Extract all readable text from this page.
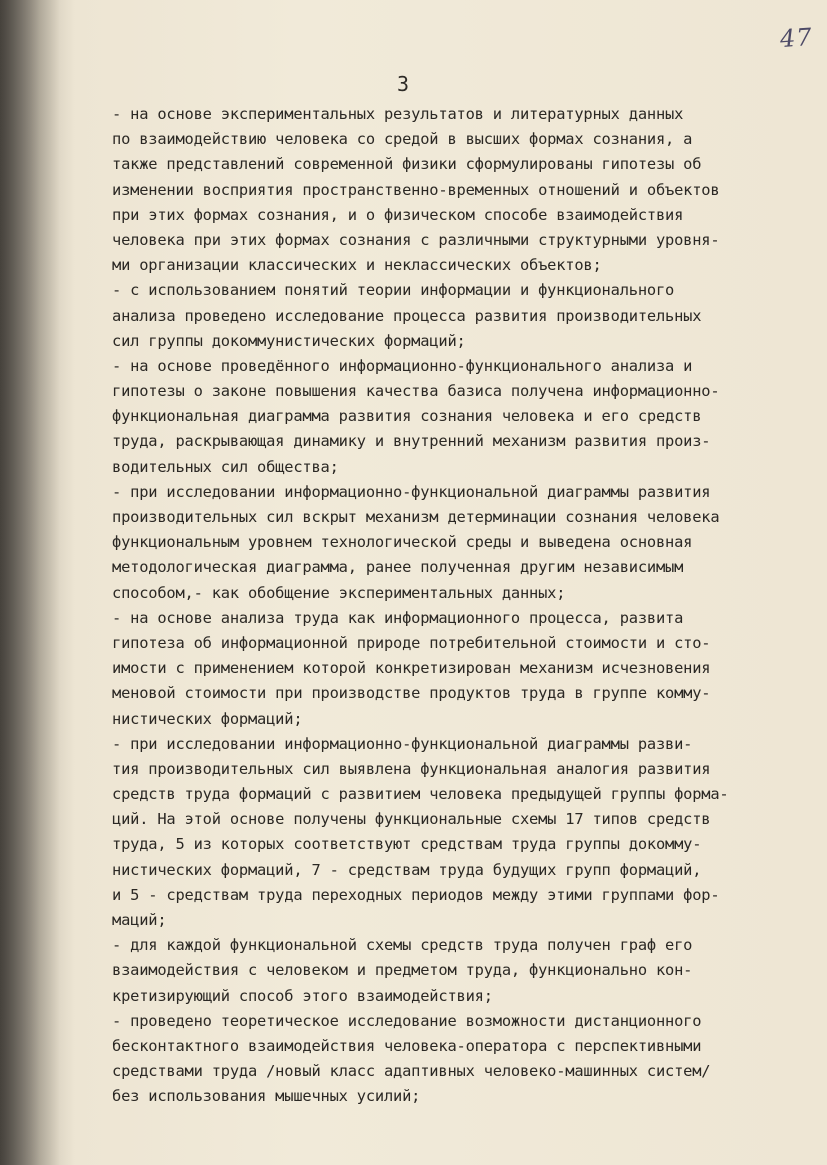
47
3
- на основе экспериментальных результатов и литературных данных
по взаимодействию человека со средой в высших формах сознания, а
также представлений современной физики сформулированы гипотезы об
изменении восприятия пространственно-временных отношений и объектов
при этих формах сознания, и о физическом способе взаимодействия
человека при этих формах сознания с различными структурными уровня-
ми организации классических и неклассических объектов;
- с использованием понятий теории информации и функционального
анализа проведено исследование процесса развития производительных
сил группы докоммунистических формаций;
- на основе проведённого информационно-функционального анализа и
гипотезы о законе повышения качества базиса получена информационно-
функциональная диаграмма развития сознания человека и его средств
труда, раскрывающая динамику и внутренний механизм развития произ-
водительных сил общества;
- при исследовании информационно-функциональной диаграммы развития
производительных сил вскрыт механизм детерминации сознания человека
функциональным уровнем технологической среды и выведена основная
методологическая диаграмма, ранее полученная другим независимым
способом,- как обобщение экспериментальных данных;
- на основе анализа труда как информационного процесса, развита
гипотеза об информационной природе потребительной стоимости и сто-
имости с применением которой конкретизирован механизм исчезновения
меновой стоимости при производстве продуктов труда в группе комму-
нистических формаций;
- при исследовании информационно-функциональной диаграммы разви-
тия производительных сил выявлена функциональная аналогия развития
средств труда формаций с развитием человека предыдущей группы форма-
ций. На этой основе получены функциональные схемы 17 типов средств
труда, 5 из которых соответствуют средствам труда группы докомму-
нистических формаций, 7 - средствам труда будущих групп формаций,
и 5 - средствам труда переходных периодов между этими группами фор-
маций;
- для каждой функциональной схемы средств труда получен граф его
взаимодействия с человеком и предметом труда, функционально кон-
кретизирующий способ этого взаимодействия;
- проведено теоретическое исследование возможности дистанционного
бесконтактного взаимодействия человека-оператора с перспективными
средствами труда /новый класс адаптивных человеко-машинных систем/
без использования мышечных усилий;
